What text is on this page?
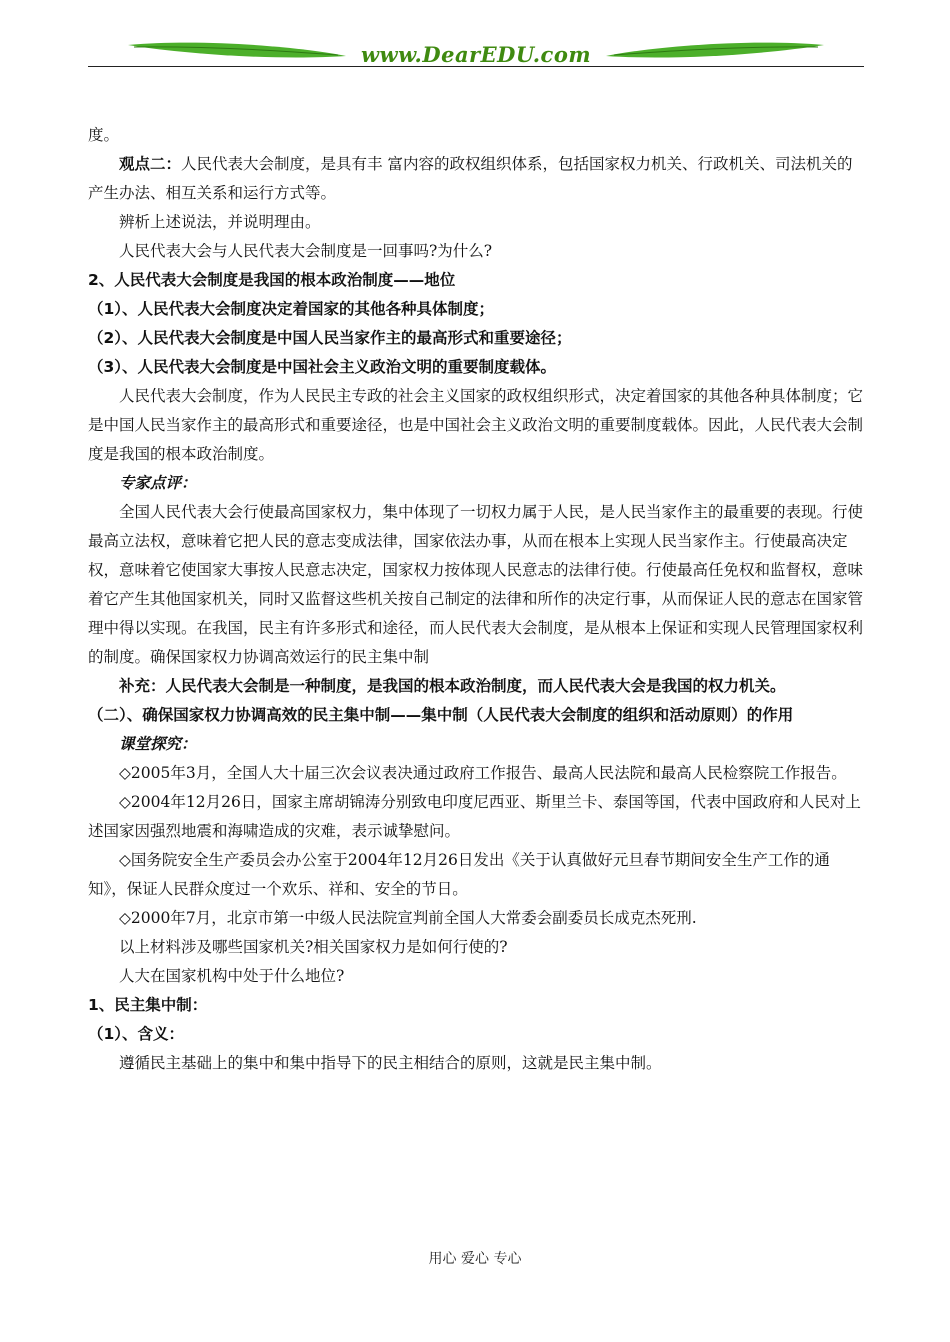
www.DearEDU.com

度。

观点二：人民代表大会制度，是具有丰 富内容的政权组织体系，包括国家权力机关、行政机关、司法机关的产生办法、相互关系和运行方式等。

辨析上述说法，并说明理由。

人民代表大会与人民代表大会制度是一回事吗?为什么?

2、人民代表大会制度是我国的根本政治制度——地位

（1）、人民代表大会制度决定着国家的其他各种具体制度；

（2）、人民代表大会制度是中国人民当家作主的最高形式和重要途径；

（3）、人民代表大会制度是中国社会主义政治文明的重要制度载体。

人民代表大会制度，作为人民民主专政的社会主义国家的政权组织形式，决定着国家的其他各种具体制度；它是中国人民当家作主的最高形式和重要途径，也是中国社会主义政治文明的重要制度载体。因此，人民代表大会制度是我国的根本政治制度。

专家点评：

全国人民代表大会行使最高国家权力，集中体现了一切权力属于人民，是人民当家作主的最重要的表现。行使最高立法权，意味着它把人民的意志变成法律，国家依法办事，从而在根本上实现人民当家作主。行使最高决定权，意味着它使国家大事按人民意志决定，国家权力按体现人民意志的法律行使。行使最高任免权和监督权，意味着它产生其他国家机关，同时又监督这些机关按自己制定的法律和所作的决定行事，从而保证人民的意志在国家管理中得以实现。在我国，民主有许多形式和途径，而人民代表大会制度，是从根本上保证和实现人民管理国家权利的制度。确保国家权力协调高效运行的民主集中制

补充：人民代表大会制是一种制度，是我国的根本政治制度，而人民代表大会是我国的权力机关。

（二）、确保国家权力协调高效的民主集中制——集中制（人民代表大会制度的组织和活动原则）的作用

课堂探究：

◇2005年3月，全国人大十届三次会议表决通过政府工作报告、最高人民法院和最高人民检察院工作报告。

◇2004年12月26日，国家主席胡锦涛分别致电印度尼西亚、斯里兰卡、泰国等国，代表中国政府和人民对上述国家因强烈地震和海啸造成的灾难，表示诚挚慰问。

◇国务院安全生产委员会办公室于2004年12月26日发出《关于认真做好元旦春节期间安全生产工作的通知》，保证人民群众度过一个欢乐、祥和、安全的节日。

◇2000年7月，北京市第一中级人民法院宣判前全国人大常委会副委员长成克杰死刑.

以上材料涉及哪些国家机关?相关国家权力是如何行使的?

人大在国家机构中处于什么地位?

1、民主集中制：

（1）、含义：

遵循民主基础上的集中和集中指导下的民主相结合的原则，这就是民主集中制。

用心 爱心 专心
